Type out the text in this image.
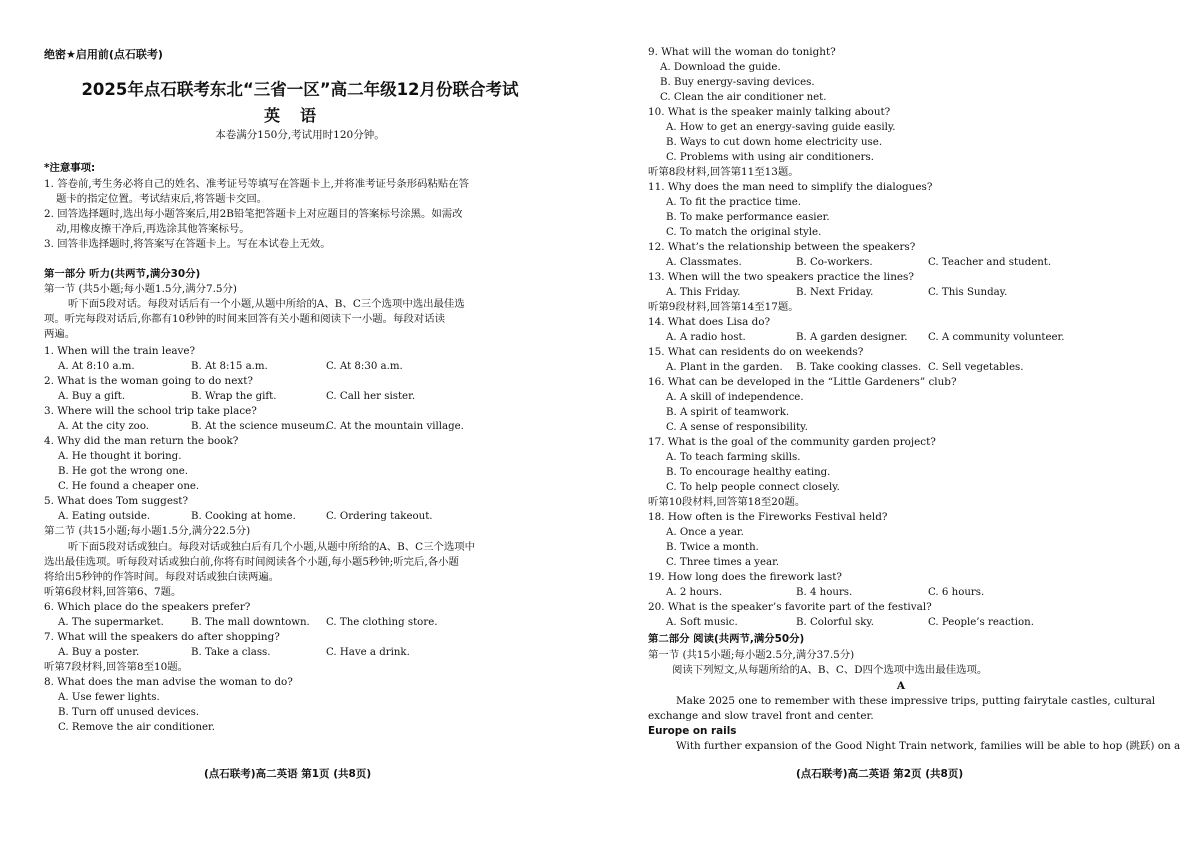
绝密★启用前(点石联考)
2025年点石联考东北“三省一区”高二年级12月份联合考试
英语
本卷满分150分,考试用时120分钟。
*注意事项:
1. 答卷前,考生务必将自己的姓名、准考证号等填写在答题卡上,并将准考证号条形码粘贴在答
题卡的指定位置。考试结束后,将答题卡交回。
2. 回答选择题时,选出每小题答案后,用2B铅笔把答题卡上对应题目的答案标号涂黑。如需改
动,用橡皮擦干净后,再选涂其他答案标号。
3. 回答非选择题时,将答案写在答题卡上。写在本试卷上无效。
第一部分 听力(共两节,满分30分)
第一节 (共5小题;每小题1.5分,满分7.5分)
听下面5段对话。每段对话后有一个小题,从题中所给的A、B、C三个选项中选出最佳选
项。听完每段对话后,你都有10秒钟的时间来回答有关小题和阅读下一小题。每段对话读
两遍。
1. When will the train leave?
A. At 8:10 a.m.	B. At 8:15 a.m.	C. At 8:30 a.m.
2. What is the woman going to do next?
A. Buy a gift.	B. Wrap the gift.	C. Call her sister.
3. Where will the school trip take place?
A. At the city zoo.	B. At the science museum.
C. At the mountain village.
4. Why did the man return the book?
A. He thought it boring.
B. He got the wrong one.
C. He found a cheaper one.
5. What does Tom suggest?
A. Eating outside.	B. Cooking at home.	C. Ordering takeout.
第二节 (共15小题;每小题1.5分,满分22.5分)
听下面5段对话或独白。每段对话或独白后有几个小题,从题中所给的A、B、C三个选项中
选出最佳选项。听每段对话或独白前,你将有时间阅读各个小题,每小题5秒钟;听完后,各小题
将给出5秒钟的作答时间。每段对话或独白读两遍。
听第6段材料,回答第6、7题。
6. Which place do the speakers prefer?
A. The supermarket.	B. The mall downtown. C. The clothing store.
7. What will the speakers do after shopping?
A. Buy a poster.	B. Take a class.	C. Have a drink.
听第7段材料,回答第8至10题。
8. What does the man advise the woman to do?
A. Use fewer lights.
B. Turn off unused devices.
C. Remove the air conditioner.
(点石联考)高二英语 第1页 (共8页)
9. What will the woman do tonight?
A. Download the guide.
B. Buy energy-saving devices.
C. Clean the air conditioner net.
10. What is the speaker mainly talking about?
A. How to get an energy-saving guide easily.
B. Ways to cut down home electricity use.
C. Problems with using air conditioners.
听第8段材料,回答第11至13题。
11. Why does the man need to simplify the dialogues?
A. To fit the practice time.
B. To make performance easier.
C. To match the original style.
12. What’s the relationship between the speakers?
A. Classmates.	B. Co-workers.	C. Teacher and student.
13. When will the two speakers practice the lines?
A. This Friday.	B. Next Friday.	C. This Sunday.
听第9段材料,回答第14至17题。
14. What does Lisa do?
A. A radio host.	B. A garden designer. C. A community volunteer.
15. What can residents do on weekends?
A. Plant in the garden. B. Take cooking classes. C. Sell vegetables.
16. What can be developed in the “Little Gardeners” club?
A. A skill of independence.
B. A spirit of teamwork.
C. A sense of responsibility.
17. What is the goal of the community garden project?
A. To teach farming skills.
B. To encourage healthy eating.
C. To help people connect closely.
听第10段材料,回答第18至20题。
18. How often is the Fireworks Festival held?
A. Once a year.
B. Twice a month.
C. Three times a year.
19. How long does the firework last?
A. 2 hours.	B. 4 hours.	C. 6 hours.
20. What is the speaker’s favorite part of the festival?
A. Soft music.	B. Colorful sky.	C. People’s reaction.
第二部分 阅读(共两节,满分50分)
第一节 (共15小题;每小题2.5分,满分37.5分)
阅读下列短文,从每题所给的A、B、C、D四个选项中选出最佳选项。
A
Make 2025 one to remember with these impressive trips, putting fairytale castles, cultural
exchange and slow travel front and center.
Europe on rails
With further expansion of the Good Night Train network, families will be able to hop (跳跃) on a
(点石联考)高二英语 第2页 (共8页)
